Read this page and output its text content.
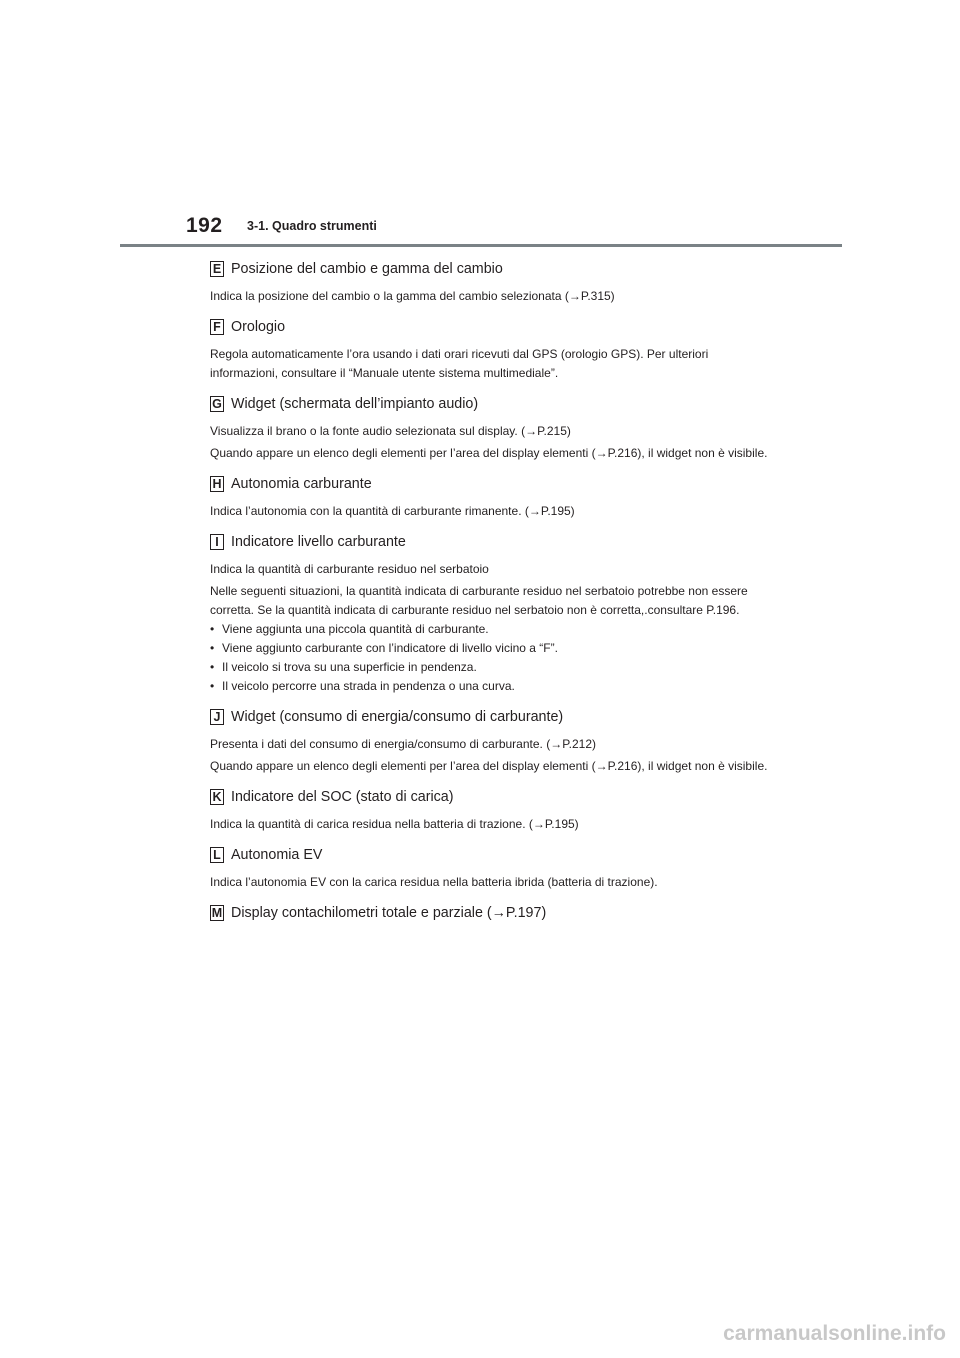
192 3-1. Quadro strumenti
E Posizione del cambio e gamma del cambio

Indica la posizione del cambio o la gamma del cambio selezionata (→P.315)

F Orologio

Regola automaticamente l’ora usando i dati orari ricevuti dal GPS (orologio GPS). Per ulteriori informazioni, consultare il “Manuale utente sistema multimediale”.

G Widget (schermata dell’impianto audio)

Visualizza il brano o la fonte audio selezionata sul display. (→P.215)

Quando appare un elenco degli elementi per l’area del display elementi (→P.216), il widget non è visibile.

H Autonomia carburante

Indica l’autonomia con la quantità di carburante rimanente. (→P.195)

I Indicatore livello carburante

Indica la quantità di carburante residuo nel serbatoio

Nelle seguenti situazioni, la quantità indicata di carburante residuo nel serbatoio potrebbe non essere corretta. Se la quantità indicata di carburante residuo nel serbatoio non è corretta,.consultare P.196.

• Viene aggiunta una piccola quantità di carburante.
• Viene aggiunto carburante con l’indicatore di livello vicino a “F”.
• Il veicolo si trova su una superficie in pendenza.
• Il veicolo percorre una strada in pendenza o una curva.
J Widget (consumo di energia/consumo di carburante)

Presenta i dati del consumo di energia/consumo di carburante. (→P.212)

Quando appare un elenco degli elementi per l’area del display elementi (→P.216), il widget non è visibile.

K Indicatore del SOC (stato di carica)

Indica la quantità di carica residua nella batteria di trazione. (→P.195)

L Autonomia EV

Indica l’autonomia EV con la carica residua nella batteria ibrida (batteria di trazione).

M Display contachilometri totale e parziale (→P.197)
carmanualsonline.info
